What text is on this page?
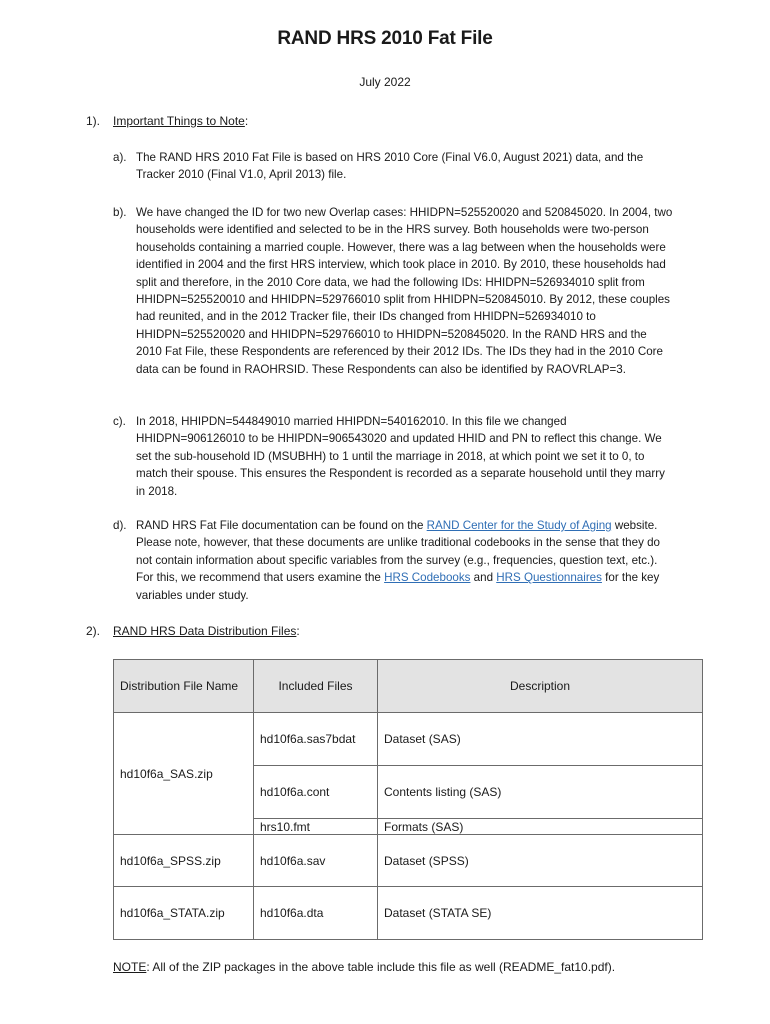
RAND HRS 2010 Fat File
July 2022
1). Important Things to Note:
a). The RAND HRS 2010 Fat File is based on HRS 2010 Core (Final V6.0, August 2021) data, and the Tracker 2010 (Final V1.0, April 2013) file.
b). We have changed the ID for two new Overlap cases: HHIDPN=525520020 and 520845020. In 2004, two households were identified and selected to be in the HRS survey. Both households were two-person households containing a married couple. However, there was a lag between when the households were identified in 2004 and the first HRS interview, which took place in 2010. By 2010, these households had split and therefore, in the 2010 Core data, we had the following IDs: HHIDPN=526934010 split from HHIDPN=525520010 and HHIDPN=529766010 split from HHIDPN=520845010. By 2012, these couples had reunited, and in the 2012 Tracker file, their IDs changed from HHIDPN=526934010 to HHIDPN=525520020 and HHIDPN=529766010 to HHIDPN=520845020. In the RAND HRS and the 2010 Fat File, these Respondents are referenced by their 2012 IDs. The IDs they had in the 2010 Core data can be found in RAOHRSID. These Respondents can also be identified by RAOVRLAP=3.
c). In 2018, HHIPDN=544849010 married HHIPDN=540162010. In this file we changed HHIDPN=906126010 to be HHIPDN=906543020 and updated HHID and PN to reflect this change. We set the sub-household ID (MSUBHH) to 1 until the marriage in 2018, at which point we set it to 0, to match their spouse. This ensures the Respondent is recorded as a separate household until they marry in 2018.
d). RAND HRS Fat File documentation can be found on the RAND Center for the Study of Aging website. Please note, however, that these documents are unlike traditional codebooks in the sense that they do not contain information about specific variables from the survey (e.g., frequencies, question text, etc.). For this, we recommend that users examine the HRS Codebooks and HRS Questionnaires for the key variables under study.
2). RAND HRS Data Distribution Files:
Distribution File Name	Included Files	Description
hd10f6a_SAS.zip	hd10f6a.sas7bdat	Dataset (SAS)
	hd10f6a.cont	Contents listing (SAS)
	hrs10.fmt	Formats (SAS)
hd10f6a_SPSS.zip	hd10f6a.sav	Dataset (SPSS)
hd10f6a_STATA.zip	hd10f6a.dta	Dataset (STATA SE)
NOTE: All of the ZIP packages in the above table include this file as well (README_fat10.pdf).
